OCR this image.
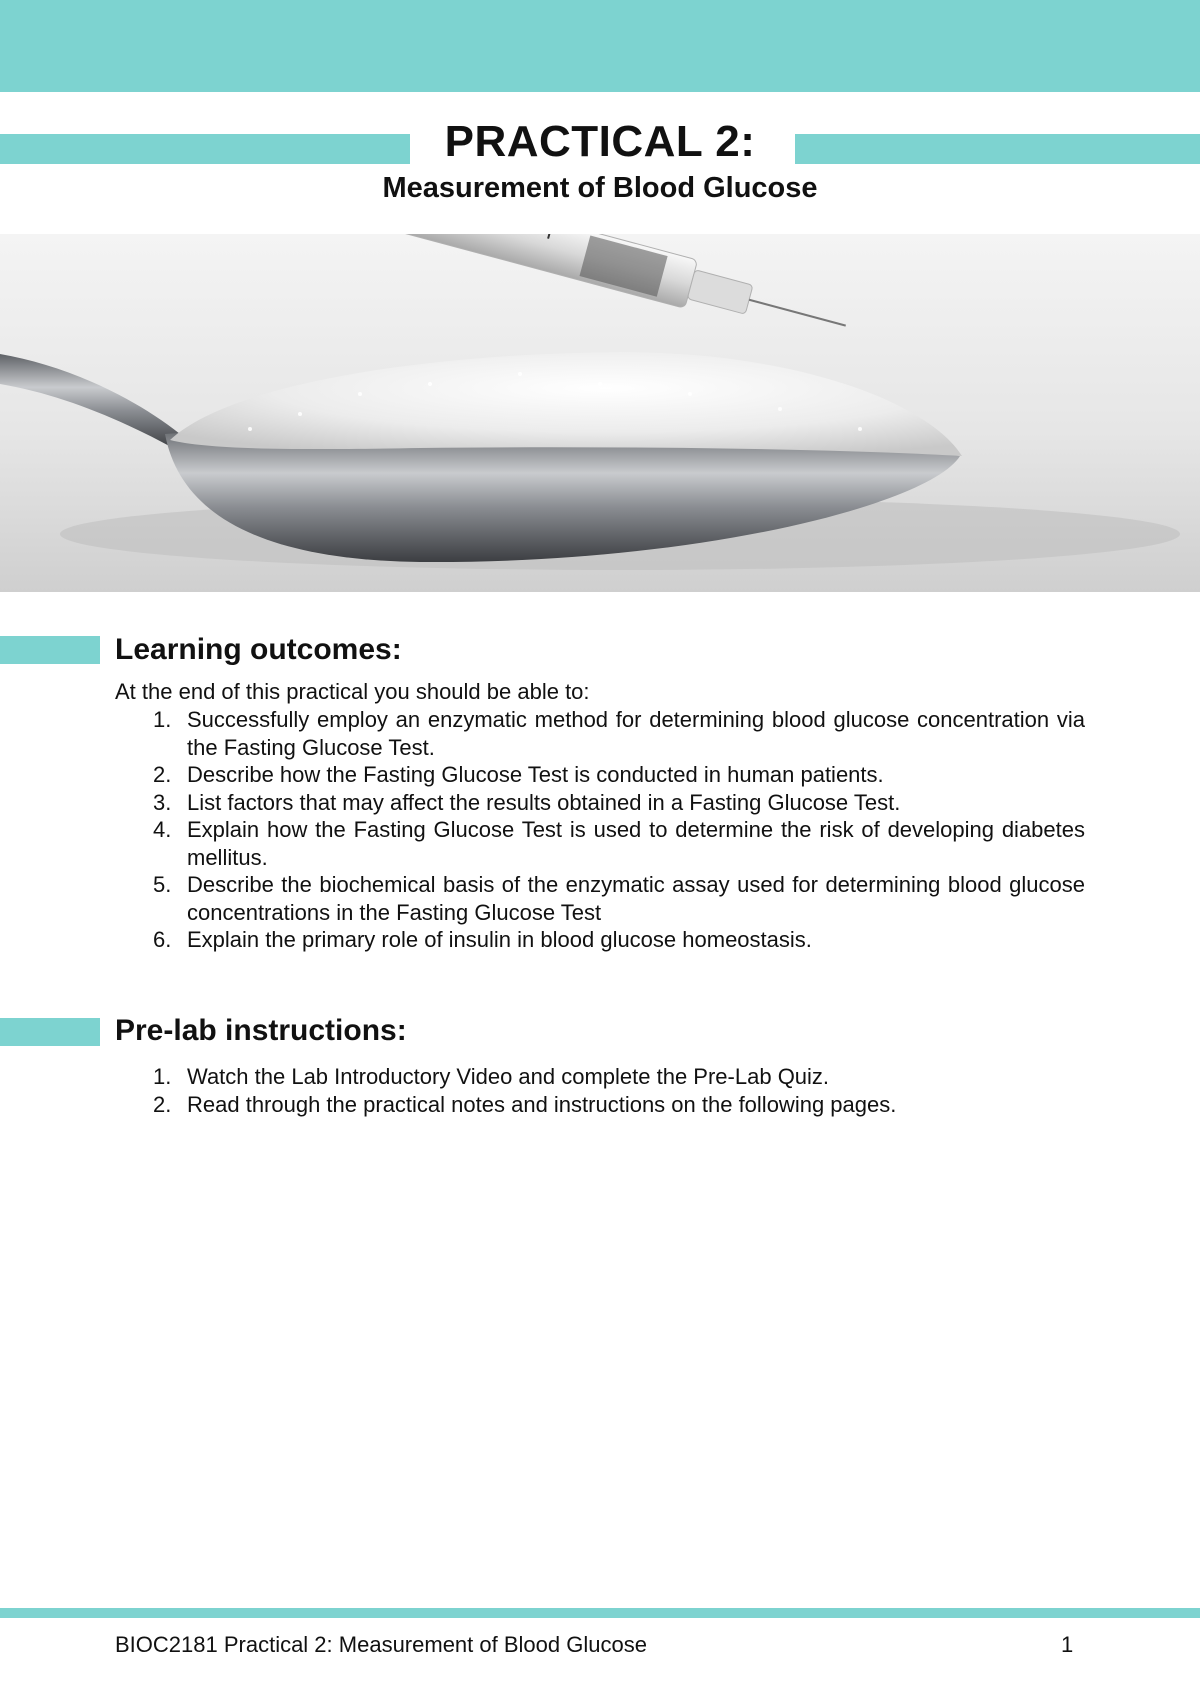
PRACTICAL 2:
Measurement of Blood Glucose
Learning outcomes:
At the end of this practical you should be able to:
1. Successfully employ an enzymatic method for determining blood glucose concentration via the Fasting Glucose Test.
2. Describe how the Fasting Glucose Test is conducted in human patients.
3. List factors that may affect the results obtained in a Fasting Glucose Test.
4. Explain how the Fasting Glucose Test is used to determine the risk of developing diabetes mellitus.
5. Describe the biochemical basis of the enzymatic assay used for determining blood glucose concentrations in the Fasting Glucose Test
6. Explain the primary role of insulin in blood glucose homeostasis.
Pre-lab instructions:
1. Watch the Lab Introductory Video and complete the Pre-Lab Quiz.
2. Read through the practical notes and instructions on the following pages.
BIOC2181 Practical 2: Measurement of Blood Glucose	1
